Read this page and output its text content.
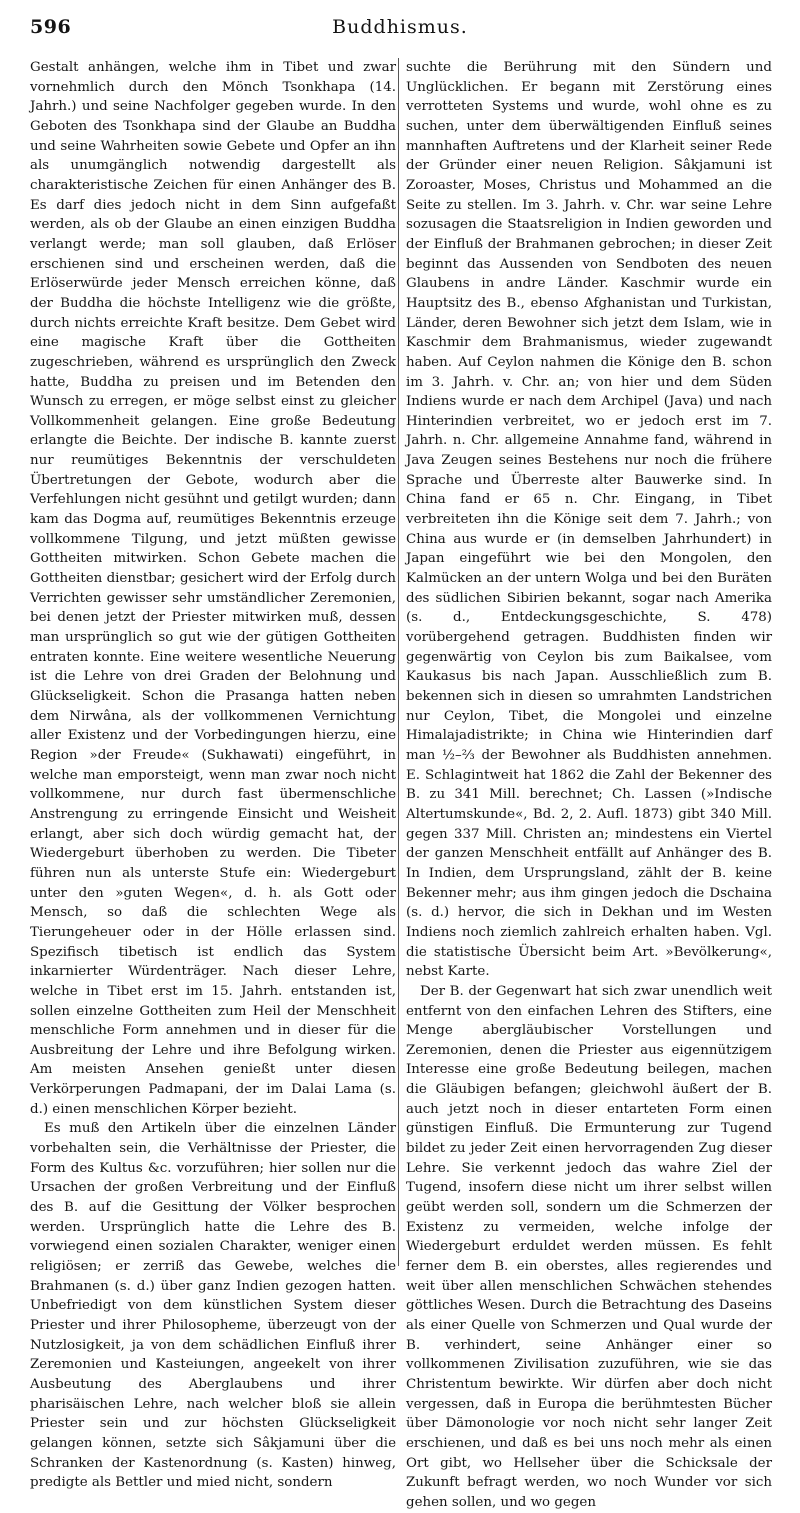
596	Buddhismus.

Gestalt anhängen, welche ihm in Tibet und zwar vornehmlich durch den Mönch Tsonkhapa (14. Jahrh.) und seine Nachfolger gegeben wurde. In den Geboten des Tsonkhapa sind der Glaube an Buddha und seine Wahrheiten sowie Gebete und Opfer an ihn als unumgänglich notwendig dargestellt als charakteristische Zeichen für einen Anhänger des B. Es darf dies jedoch nicht in dem Sinn aufgefaßt werden, als ob der Glaube an einen einzigen Buddha verlangt werde; man soll glauben, daß Erlöser erschienen sind und erscheinen werden, daß die Erlöserwürde jeder Mensch erreichen könne, daß der Buddha die höchste Intelligenz wie die größte, durch nichts erreichte Kraft besitze. Dem Gebet wird eine magische Kraft über die Gottheiten zugeschrieben, während es ursprünglich den Zweck hatte, Buddha zu preisen und im Betenden den Wunsch zu erregen, er möge selbst einst zu gleicher Vollkommenheit gelangen. Eine große Bedeutung erlangte die Beichte. Der indische B. kannte zuerst nur reumütiges Bekenntnis der verschuldeten Übertretungen der Gebote, wodurch aber die Verfehlungen nicht gesühnt und getilgt wurden; dann kam das Dogma auf, reumütiges Bekenntnis erzeuge vollkommene Tilgung, und jetzt müßten gewisse Gottheiten mitwirken. Schon Gebete machen die Gottheiten dienstbar; gesichert wird der Erfolg durch Verrichten gewisser sehr umständlicher Zeremonien, bei denen jetzt der Priester mitwirken muß, dessen man ursprünglich so gut wie der gütigen Gottheiten entraten konnte. Eine weitere wesentliche Neuerung ist die Lehre von drei Graden der Belohnung und Glückseligkeit. Schon die Prasanga hatten neben dem Nirwâna, als der vollkommenen Vernichtung aller Existenz und der Vorbedingungen hierzu, eine Region »der Freude« (Sukhawati) eingeführt, in welche man emporsteigt, wenn man zwar noch nicht vollkommene, nur durch fast übermenschliche Anstrengung zu erringende Einsicht und Weisheit erlangt, aber sich doch würdig gemacht hat, der Wiedergeburt überhoben zu werden. Die Tibeter führen nun als unterste Stufe ein: Wiedergeburt unter den »guten Wegen«, d. h. als Gott oder Mensch, so daß die schlechten Wege als Tierungeheuer oder in der Hölle erlassen sind. Spezifisch tibetisch ist endlich das System inkarnierter Würdenträger. Nach dieser Lehre, welche in Tibet erst im 15. Jahrh. entstanden ist, sollen einzelne Gottheiten zum Heil der Menschheit menschliche Form annehmen und in dieser für die Ausbreitung der Lehre und ihre Befolgung wirken. Am meisten Ansehen genießt unter diesen Verkörperungen Padmapani, der im Dalai Lama (s. d.) einen menschlichen Körper bezieht.

Es muß den Artikeln über die einzelnen Länder vorbehalten sein, die Verhältnisse der Priester, die Form des Kultus &c. vorzuführen; hier sollen nur die Ursachen der großen Verbreitung und der Einfluß des B. auf die Gesittung der Völker besprochen werden. Ursprünglich hatte die Lehre des B. vorwiegend einen sozialen Charakter, weniger einen religiösen; er zerriß das Gewebe, welches die Brahmanen (s. d.) über ganz Indien gezogen hatten. Unbefriedigt von dem künstlichen System dieser Priester und ihrer Philosopheme, überzeugt von der Nutzlosigkeit, ja von dem schädlichen Einfluß ihrer Zeremonien und Kasteiungen, angeekelt von ihrer Ausbeutung des Aberglaubens und ihrer pharisäischen Lehre, nach welcher bloß sie allein Priester sein und zur höchsten Glückseligkeit gelangen können, setzte sich Sâkjamuni über die Schranken der Kastenordnung (s. Kasten) hinweg, predigte als Bettler und mied nicht, sondern

suchte die Berührung mit den Sündern und Unglücklichen. Er begann mit Zerstörung eines verrotteten Systems und wurde, wohl ohne es zu suchen, unter dem überwältigenden Einfluß seines mannhaften Auftretens und der Klarheit seiner Rede der Gründer einer neuen Religion. Sâkjamuni ist Zoroaster, Moses, Christus und Mohammed an die Seite zu stellen. Im 3. Jahrh. v. Chr. war seine Lehre sozusagen die Staatsreligion in Indien geworden und der Einfluß der Brahmanen gebrochen; in dieser Zeit beginnt das Aussenden von Sendboten des neuen Glaubens in andre Länder. Kaschmir wurde ein Hauptsitz des B., ebenso Afghanistan und Turkistan, Länder, deren Bewohner sich jetzt dem Islam, wie in Kaschmir dem Brahmanismus, wieder zugewandt haben. Auf Ceylon nahmen die Könige den B. schon im 3. Jahrh. v. Chr. an; von hier und dem Süden Indiens wurde er nach dem Archipel (Java) und nach Hinterindien verbreitet, wo er jedoch erst im 7. Jahrh. n. Chr. allgemeine Annahme fand, während in Java Zeugen seines Bestehens nur noch die frühere Sprache und Überreste alter Bauwerke sind. In China fand er 65 n. Chr. Eingang, in Tibet verbreiteten ihn die Könige seit dem 7. Jahrh.; von China aus wurde er (in demselben Jahrhundert) in Japan eingeführt wie bei den Mongolen, den Kalmücken an der untern Wolga und bei den Buräten des südlichen Sibirien bekannt, sogar nach Amerika (s. d., Entdeckungsgeschichte, S. 478) vorübergehend getragen. Buddhisten finden wir gegenwärtig von Ceylon bis zum Baikalsee, vom Kaukasus bis nach Japan. Ausschließlich zum B. bekennen sich in diesen so umrahmten Landstrichen nur Ceylon, Tibet, die Mongolei und einzelne Himalajadistrikte; in China wie Hinterindien darf man ½–⅔ der Bewohner als Buddhisten annehmen. E. Schlagintweit hat 1862 die Zahl der Bekenner des B. zu 341 Mill. berechnet; Ch. Lassen (»Indische Altertumskunde«, Bd. 2, 2. Aufl. 1873) gibt 340 Mill. gegen 337 Mill. Christen an; mindestens ein Viertel der ganzen Menschheit entfällt auf Anhänger des B. In Indien, dem Ursprungsland, zählt der B. keine Bekenner mehr; aus ihm gingen jedoch die Dschaina (s. d.) hervor, die sich in Dekhan und im Westen Indiens noch ziemlich zahlreich erhalten haben. Vgl. die statistische Übersicht beim Art. »Bevölkerung«, nebst Karte.

Der B. der Gegenwart hat sich zwar unendlich weit entfernt von den einfachen Lehren des Stifters, eine Menge abergläubischer Vorstellungen und Zeremonien, denen die Priester aus eigennützigem Interesse eine große Bedeutung beilegen, machen die Gläubigen befangen; gleichwohl äußert der B. auch jetzt noch in dieser entarteten Form einen günstigen Einfluß. Die Ermunterung zur Tugend bildet zu jeder Zeit einen hervorragenden Zug dieser Lehre. Sie verkennt jedoch das wahre Ziel der Tugend, insofern diese nicht um ihrer selbst willen geübt werden soll, sondern um die Schmerzen der Existenz zu vermeiden, welche infolge der Wiedergeburt erduldet werden müssen. Es fehlt ferner dem B. ein oberstes, alles regierendes und weit über allen menschlichen Schwächen stehendes göttliches Wesen. Durch die Betrachtung des Daseins als einer Quelle von Schmerzen und Qual wurde der B. verhindert, seine Anhänger einer so vollkommenen Zivilisation zuzuführen, wie sie das Christentum bewirkte. Wir dürfen aber doch nicht vergessen, daß in Europa die berühmtesten Bücher über Dämonologie vor noch nicht sehr langer Zeit erschienen, und daß es bei uns noch mehr als einen Ort gibt, wo Hellseher über die Schicksale der Zukunft befragt werden, wo noch Wunder vor sich gehen sollen, und wo gegen
